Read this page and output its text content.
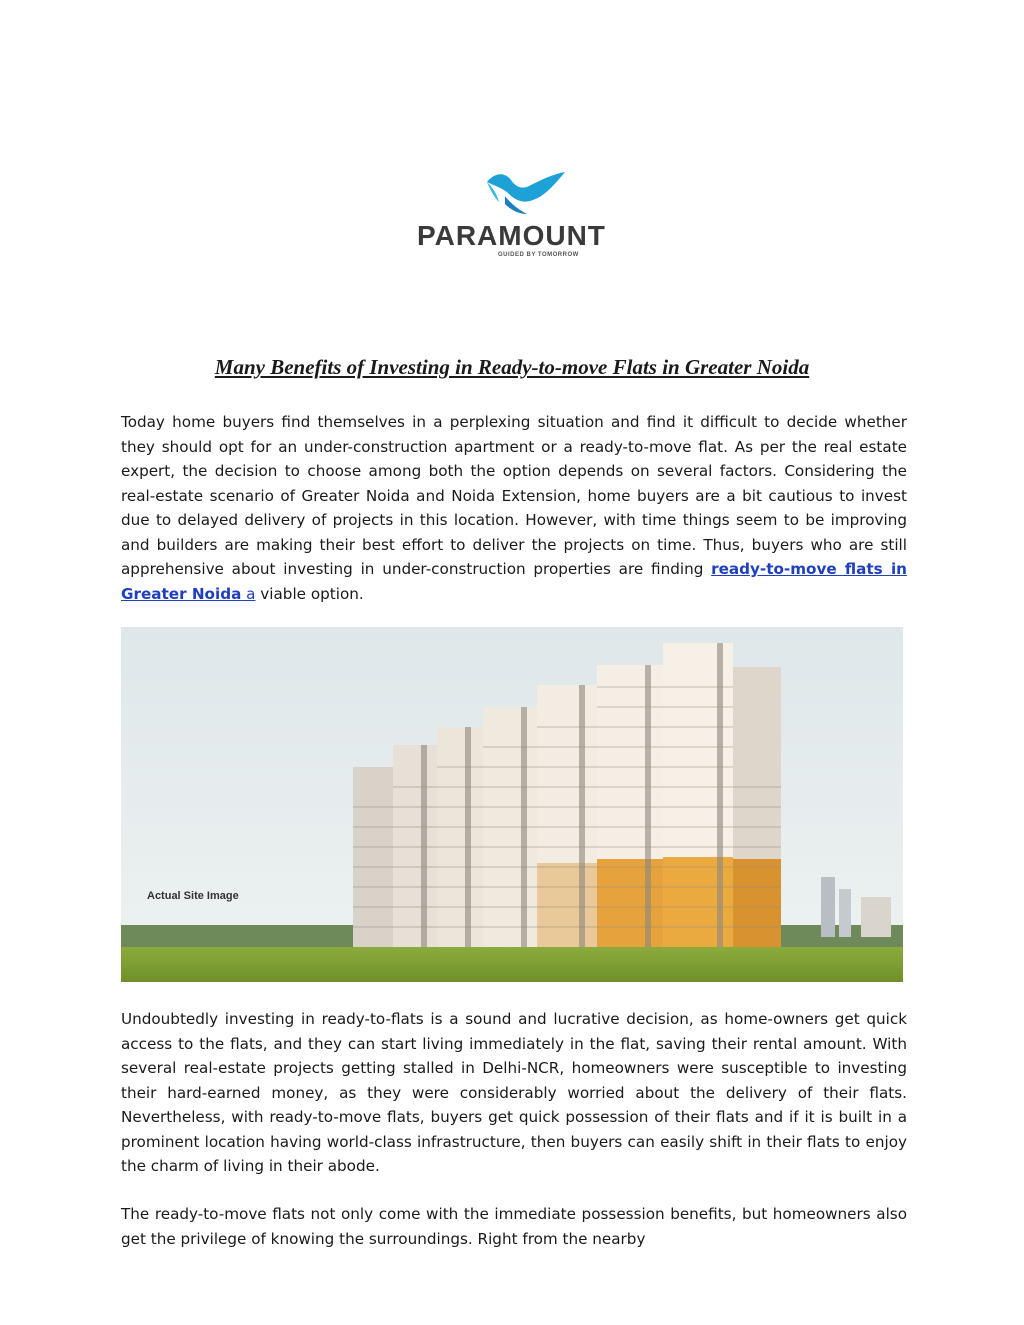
PARAMOUNT
GUIDED BY TOMORROW
Many Benefits of Investing in Ready-to-move Flats in Greater Noida
Today home buyers find themselves in a perplexing situation and find it difficult to decide whether they should opt for an under-construction apartment or a ready-to-move flat. As per the real estate expert, the decision to choose among both the option depends on several factors. Considering the real-estate scenario of Greater Noida and Noida Extension, home buyers are a bit cautious to invest due to delayed delivery of projects in this location. However, with time things seem to be improving and builders are making their best effort to deliver the projects on time. Thus, buyers who are still apprehensive about investing in under-construction properties are finding ready-to-move flats in Greater Noida a viable option.
Actual Site Image
Undoubtedly investing in ready-to-flats is a sound and lucrative decision, as home-owners get quick access to the flats, and they can start living immediately in the flat, saving their rental amount. With several real-estate projects getting stalled in Delhi-NCR, homeowners were susceptible to investing their hard-earned money, as they were considerably worried about the delivery of their flats. Nevertheless, with ready-to-move flats, buyers get quick possession of their flats and if it is built in a prominent location having world-class infrastructure, then buyers can easily shift in their flats to enjoy the charm of living in their abode.
The ready-to-move flats not only come with the immediate possession benefits, but homeowners also get the privilege of knowing the surroundings. Right from the nearby
